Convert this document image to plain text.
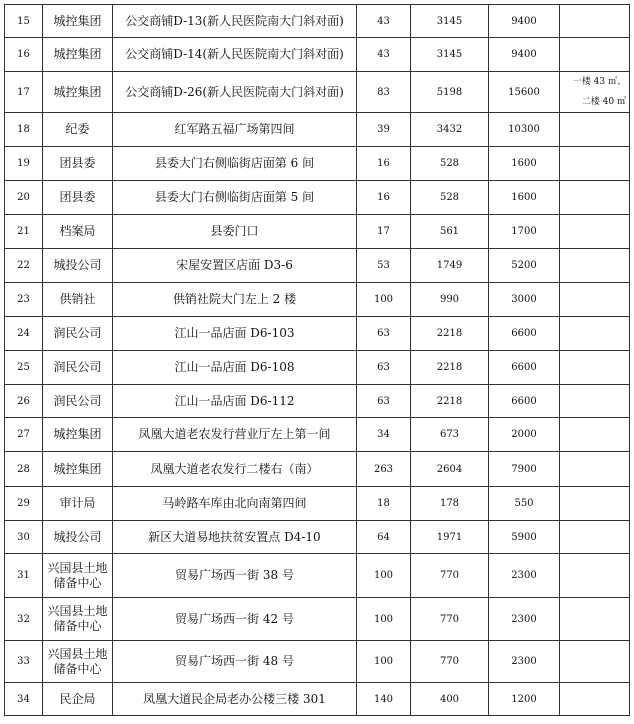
15	城控集团	公交商铺D-13(新人民医院南大门斜对面)	43	3145	9400	
16	城控集团	公交商铺D-14(新人民医院南大门斜对面)	43	3145	9400	
17	城控集团	公交商铺D-26(新人民医院南大门斜对面)	83	5198	15600	一楼 43 ㎡、
二楼 40 ㎡
18	纪委	红军路五福广场第四间	39	3432	10300	
19	团县委	县委大门右侧临街店面第 6 间	16	528	1600	
20	团县委	县委大门右侧临街店面第 5 间	16	528	1600	
21	档案局	县委门口	17	561	1700	
22	城投公司	宋屋安置区店面 D3-6	53	1749	5200	
23	供销社	供销社院大门左上 2 楼	100	990	3000	
24	润民公司	江山一品店面 D6-103	63	2218	6600	
25	润民公司	江山一品店面 D6-108	63	2218	6600	
26	润民公司	江山一品店面 D6-112	63	2218	6600	
27	城控集团	凤凰大道老农发行营业厅左上第一间	34	673	2000	
28	城控集团	凤凰大道老农发行二楼右（南）	263	2604	7900	
29	审计局	马岭路车库由北向南第四间	18	178	550	
30	城投公司	新区大道易地扶贫安置点 D4-10	64	1971	5900	
31	兴国县土地
储备中心	贸易广场西一街 38 号	100	770	2300	
32	兴国县土地
储备中心	贸易广场西一街 42 号	100	770	2300	
33	兴国县土地
储备中心	贸易广场西一街 48 号	100	770	2300	
34	民企局	凤凰大道民企局老办公楼三楼 301	140	400	1200	
